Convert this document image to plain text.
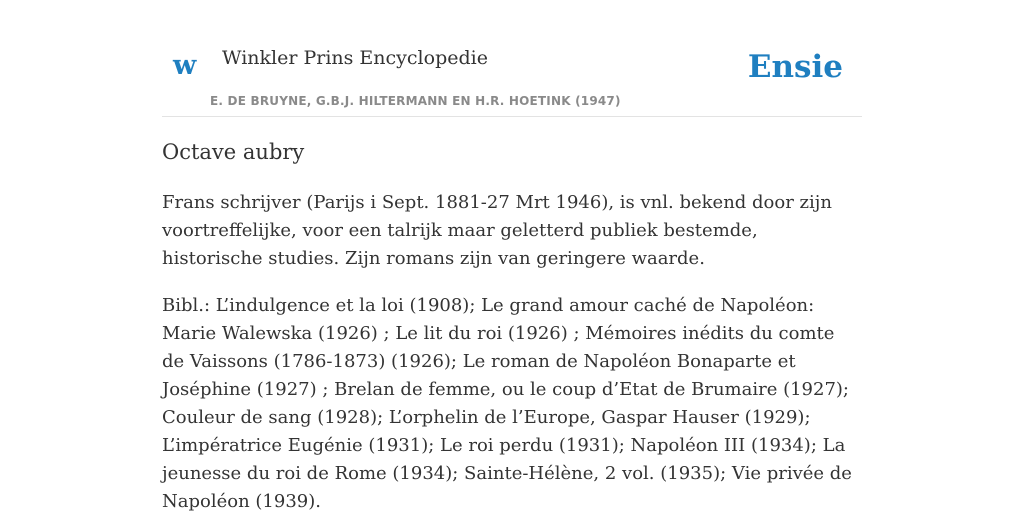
w Winkler Prins Encyclopedie
E. DE BRUYNE, G.B.J. HILTERMANN EN H.R. HOETINK (1947)
Ensie
Octave aubry

Frans schrijver (Parijs i Sept. 1881-27 Mrt 1946), is vnl. bekend door zijn voortreffelijke, voor een talrijk maar geletterd publiek bestemde, historische studies. Zijn romans zijn van geringere waarde.

Bibl.: L’indulgence et la loi (1908); Le grand amour caché de Napoléon: Marie Walewska (1926) ; Le lit du roi (1926) ; Mémoires inédits du comte de Vaissons (1786-1873) (1926); Le roman de Napoléon Bonaparte et Joséphine (1927) ; Brelan de femme, ou le coup d’Etat de Brumaire (1927); Couleur de sang (1928); L’orphelin de l’Europe, Gaspar Hauser (1929); L’impératrice Eugénie (1931); Le roi perdu (1931); Napoléon III (1934); La jeunesse du roi de Rome (1934); Sainte-Hélène, 2 vol. (1935); Vie privée de Napoléon (1939).
